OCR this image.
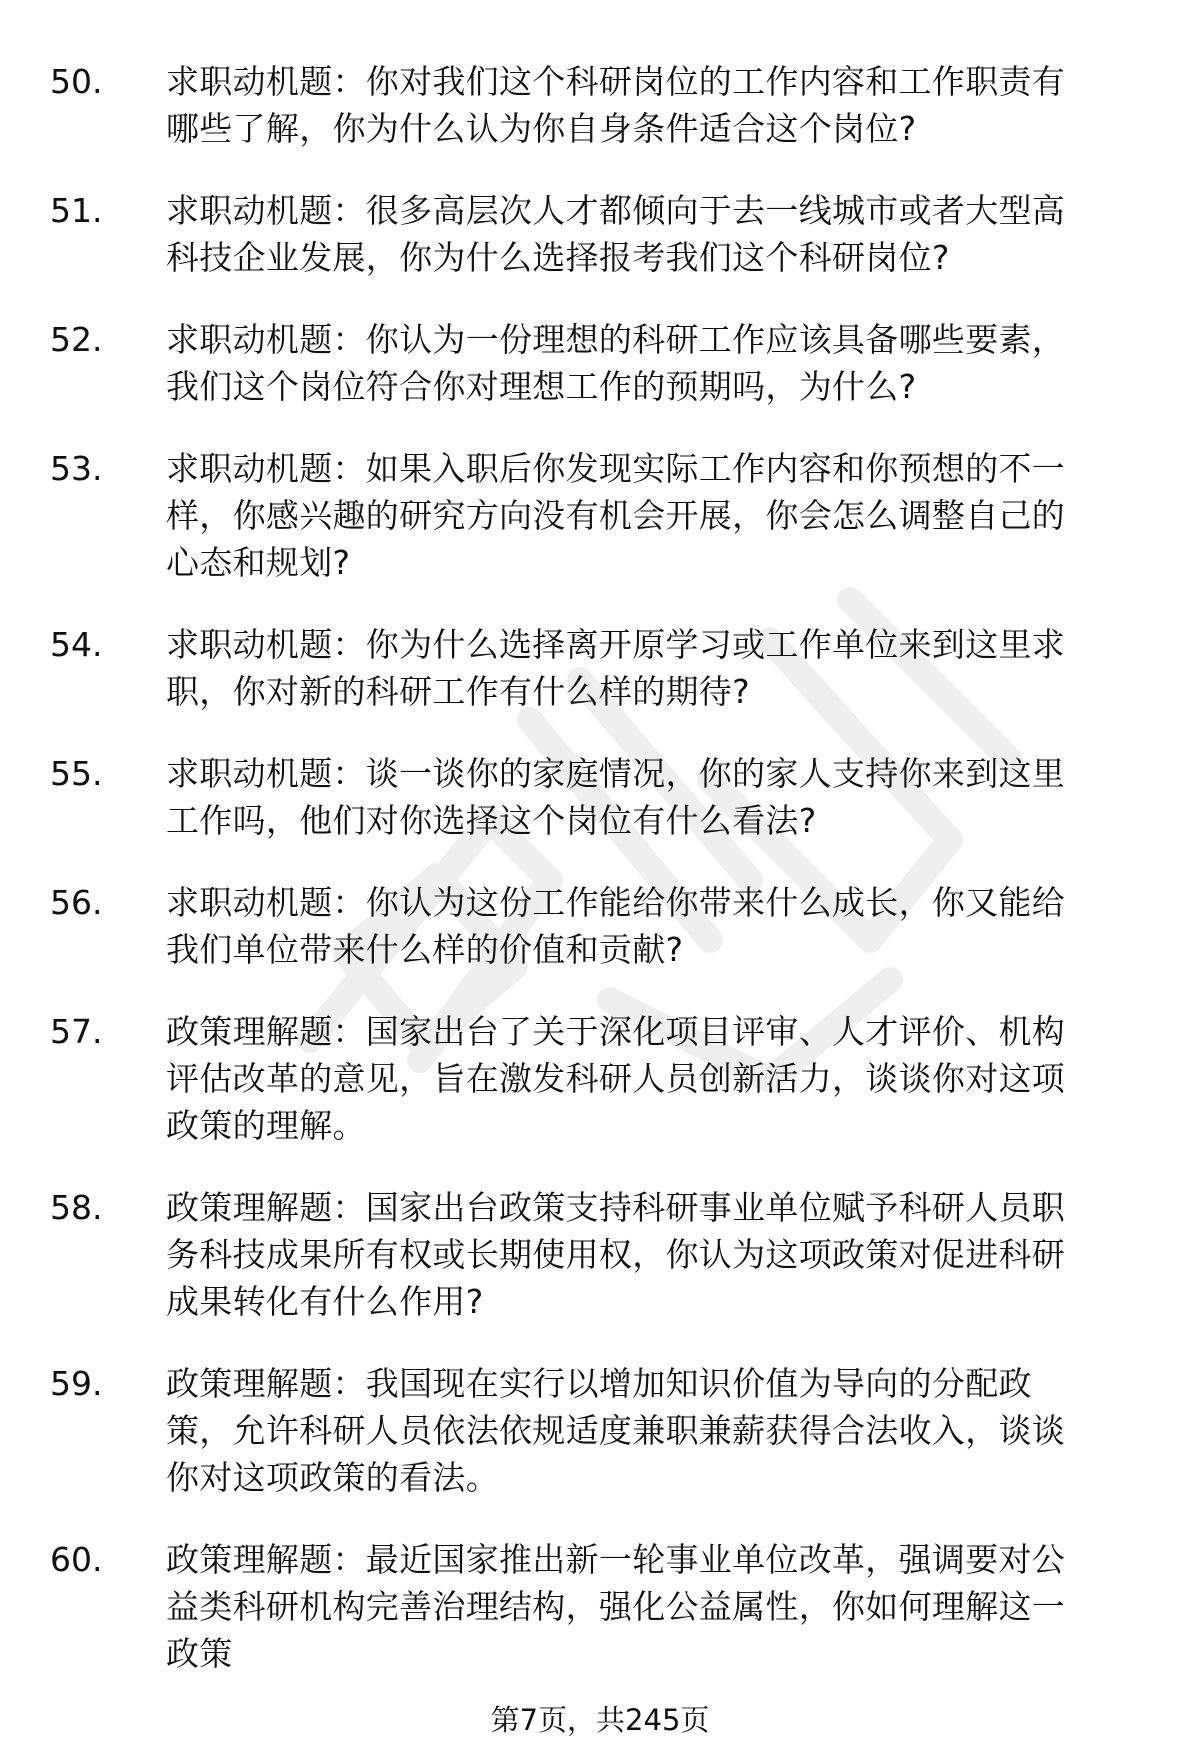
50.	求职动机题：你对我们这个科研岗位的工作内容和工作职责有哪些了解，你为什么认为你自身条件适合这个岗位?
51.	求职动机题：很多高层次人才都倾向于去一线城市或者大型高科技企业发展，你为什么选择报考我们这个科研岗位?
52.	求职动机题：你认为一份理想的科研工作应该具备哪些要素，我们这个岗位符合你对理想工作的预期吗，为什么?
53.	求职动机题：如果入职后你发现实际工作内容和你预想的不一样，你感兴趣的研究方向没有机会开展，你会怎么调整自己的心态和规划?
54.	求职动机题：你为什么选择离开原学习或工作单位来到这里求职，你对新的科研工作有什么样的期待?
55.	求职动机题：谈一谈你的家庭情况，你的家人支持你来到这里工作吗，他们对你选择这个岗位有什么看法?
56.	求职动机题：你认为这份工作能给你带来什么成长，你又能给我们单位带来什么样的价值和贡献?
57.	政策理解题：国家出台了关于深化项目评审、人才评价、机构评估改革的意见，旨在激发科研人员创新活力，谈谈你对这项政策的理解。
58.	政策理解题：国家出台政策支持科研事业单位赋予科研人员职务科技成果所有权或长期使用权，你认为这项政策对促进科研成果转化有什么作用?
59.	政策理解题：我国现在实行以增加知识价值为导向的分配政策，允许科研人员依法依规适度兼职兼薪获得合法收入，谈谈你对这项政策的看法。
60.	政策理解题：最近国家推出新一轮事业单位改革，强调要对公益类科研机构完善治理结构，强化公益属性，你如何理解这一政策
第7页，共245页
